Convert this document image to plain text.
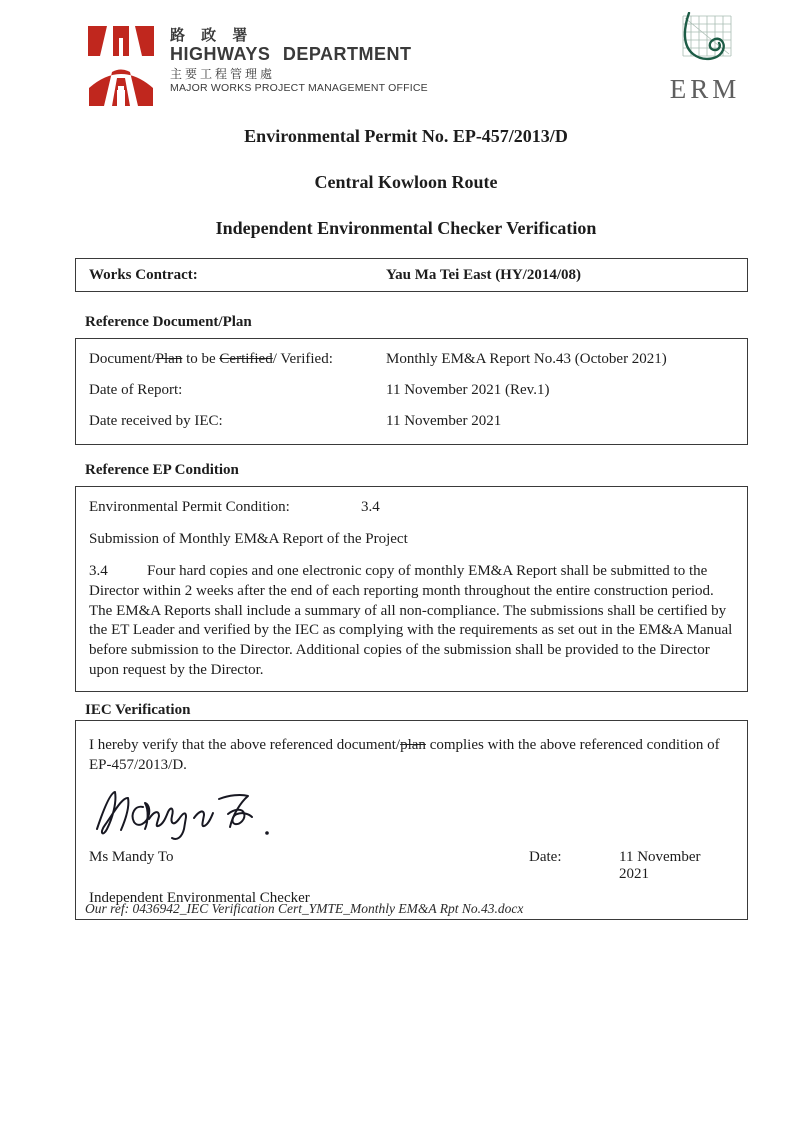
路 政 署
HIGHWAYS DEPARTMENT
主要工程管理處
MAJOR WORKS PROJECT MANAGEMENT OFFICE	ERM
Environmental Permit No. EP-457/2013/D
Central Kowloon Route
Independent Environmental Checker Verification
Works Contract:	Yau Ma Tei East (HY/2014/08)
Reference Document/Plan
Document/Plan to be Certified/ Verified:	Monthly EM&A Report No.43 (October 2021)
Date of Report:	11 November 2021 (Rev.1)
Date received by IEC:	11 November 2021
Reference EP Condition
Environmental Permit Condition:	3.4
Submission of Monthly EM&A Report of the Project
3.4	Four hard copies and one electronic copy of monthly EM&A Report shall be submitted to the Director within 2 weeks after the end of each reporting month throughout the entire construction period. The EM&A Reports shall include a summary of all non-compliance. The submissions shall be certified by the ET Leader and verified by the IEC as complying with the requirements as set out in the EM&A Manual before submission to the Director. Additional copies of the submission shall be provided to the Director upon request by the Director.
IEC Verification
I hereby verify that the above referenced document/plan complies with the above referenced condition of EP-457/2013/D.
Ms Mandy To	Date:	11 November 2021
Independent Environmental Checker
Our ref: 0436942_IEC Verification Cert_YMTE_Monthly EM&A Rpt No.43.docx
